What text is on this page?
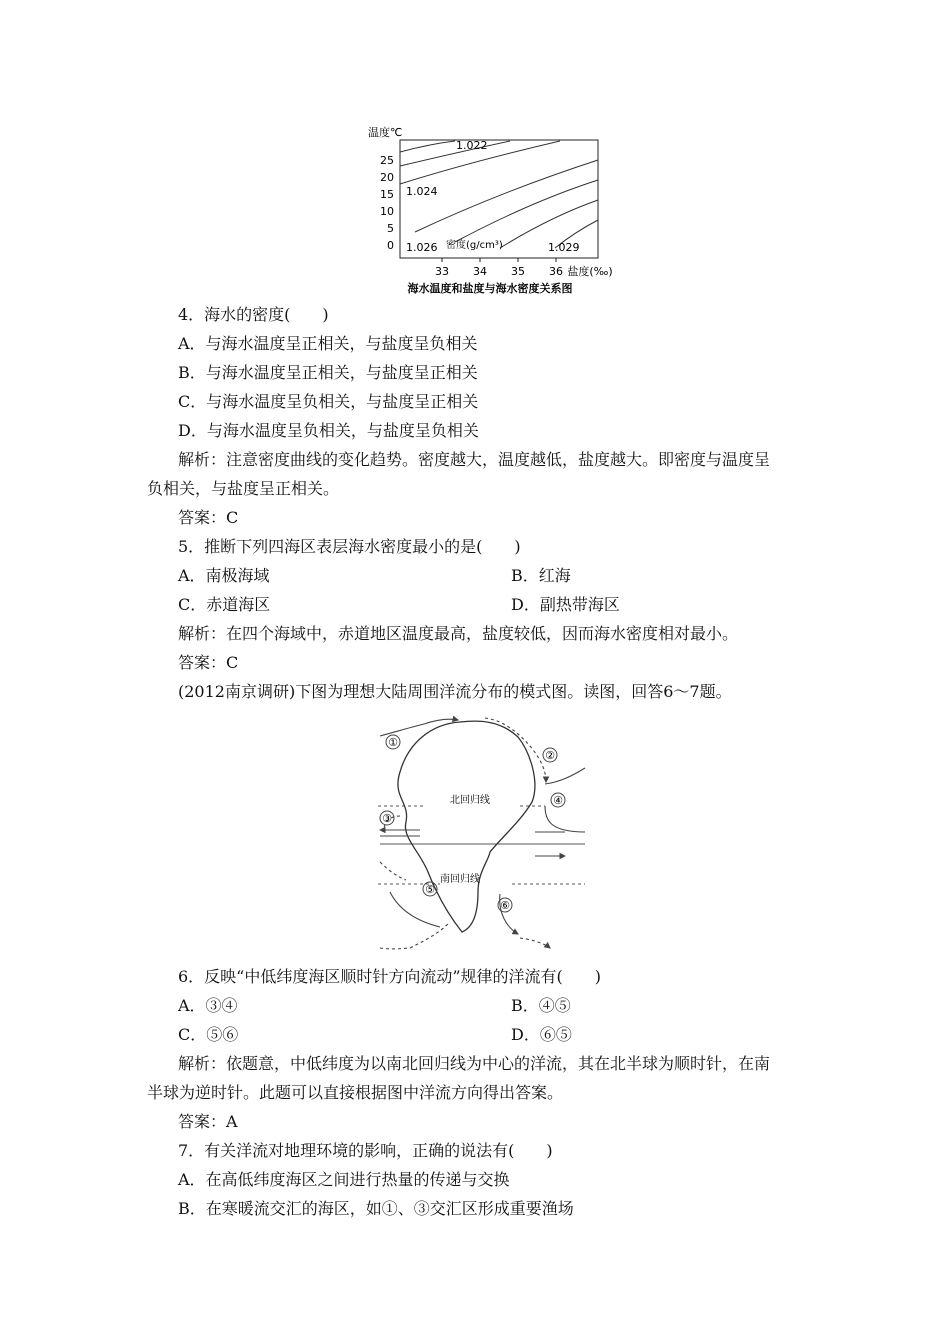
温度℃
25
20
15
10
5
0
1.022
1.024
1.026 密度(g/cm³)	1.029
33 34 35 36 盐度(‰)
海水温度和盐度与海水密度关系图
4．海水的密度(　　)
A．与海水温度呈正相关，与盐度呈负相关
B．与海水温度呈正相关，与盐度呈正相关
C．与海水温度呈负相关，与盐度呈正相关
D．与海水温度呈负相关，与盐度呈负相关
解析：注意密度曲线的变化趋势。密度越大，温度越低，盐度越大。即密度与温度呈
负相关，与盐度呈正相关。
答案：C
5．推断下列四海区表层海水密度最小的是(　　)
A．南极海域	B．红海
C．赤道海区	D．副热带海区
解析：在四个海域中，赤道地区温度最高，盐度较低，因而海水密度相对最小。
答案：C
(2012南京调研)下图为理想大陆周围洋流分布的模式图。读图，回答6～7题。
①
②
③
④
⑤
⑥
北回归线
南回归线
6．反映“中低纬度海区顺时针方向流动”规律的洋流有(　　)
A．③④	B．④⑤
C．⑤⑥	D．⑥⑤
解析：依题意，中低纬度为以南北回归线为中心的洋流，其在北半球为顺时针，在南
半球为逆时针。此题可以直接根据图中洋流方向得出答案。
答案：A
7．有关洋流对地理环境的影响，正确的说法有(　　)
A．在高低纬度海区之间进行热量的传递与交换
B．在寒暖流交汇的海区，如①、③交汇区形成重要渔场
